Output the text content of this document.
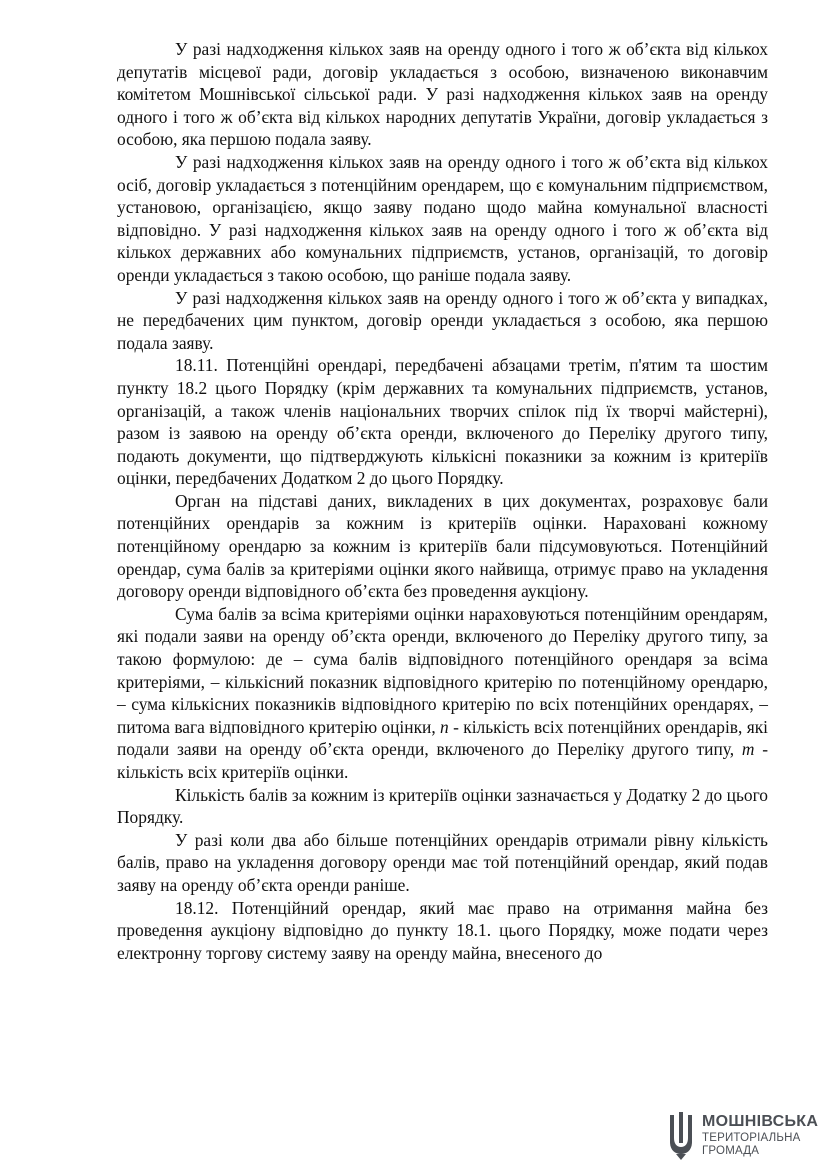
У разі надходження кількох заяв на оренду одного і того ж об’єкта від кількох депутатів місцевої ради, договір укладається з особою, визначеною виконавчим комітетом Мошнівської сільської ради. У разі надходження кількох заяв на оренду одного і того ж об’єкта від кількох народних депутатів України, договір укладається з особою, яка першою подала заяву.

У разі надходження кількох заяв на оренду одного і того ж об’єкта від кількох осіб, договір укладається з потенційним орендарем, що є комунальним підприємством, установою, організацією, якщо заяву подано щодо майна комунальної власності відповідно. У разі надходження кількох заяв на оренду одного і того ж об’єкта від кількох державних або комунальних підприємств, установ, організацій, то договір оренди укладається з такою особою, що раніше подала заяву.

У разі надходження кількох заяв на оренду одного і того ж об’єкта у випадках, не передбачених цим пунктом, договір оренди укладається з особою, яка першою подала заяву.

18.11. Потенційні орендарі, передбачені абзацами третім, п'ятим та шостим пункту 18.2 цього Порядку (крім державних та комунальних підприємств, установ, організацій, а також членів національних творчих спілок під їх творчі майстерні), разом із заявою на оренду об’єкта оренди, включеного до Переліку другого типу, подають документи, що підтверджують кількісні показники за кожним із критеріїв оцінки, передбачених Додатком 2 до цього Порядку.

Орган на підставі даних, викладених в цих документах, розраховує бали потенційних орендарів за кожним із критеріїв оцінки. Нараховані кожному потенційному орендарю за кожним із критеріїв бали підсумовуються. Потенційний орендар, сума балів за критеріями оцінки якого найвища, отримує право на укладення договору оренди відповідного об’єкта без проведення аукціону.

Сума балів за всіма критеріями оцінки нараховуються потенційним орендарям, які подали заяви на оренду об’єкта оренди, включеного до Переліку другого типу, за такою формулою: де – сума балів відповідного потенційного орендаря за всіма критеріями, – кількісний показник відповідного критерію по потенційному орендарю, – сума кількісних показників відповідного критерію по всіх потенційних орендарях, – питома вага відповідного критерію оцінки, n - кількість всіх потенційних орендарів, які подали заяви на оренду об’єкта оренди, включеного до Переліку другого типу, m - кількість всіх критеріїв оцінки.

Кількість балів за кожним із критеріїв оцінки зазначається у Додатку 2 до цього Порядку.

У разі коли два або більше потенційних орендарів отримали рівну кількість балів, право на укладення договору оренди має той потенційний орендар, який подав заяву на оренду об’єкта оренди раніше.

18.12. Потенційний орендар, який має право на отримання майна без проведення аукціону відповідно до пункту 18.1. цього Порядку, може подати через електронну торгову систему заяву на оренду майна, внесеного до

МОШНІВСЬКА
ТЕРИТОРІАЛЬНА
ГРОМАДА
